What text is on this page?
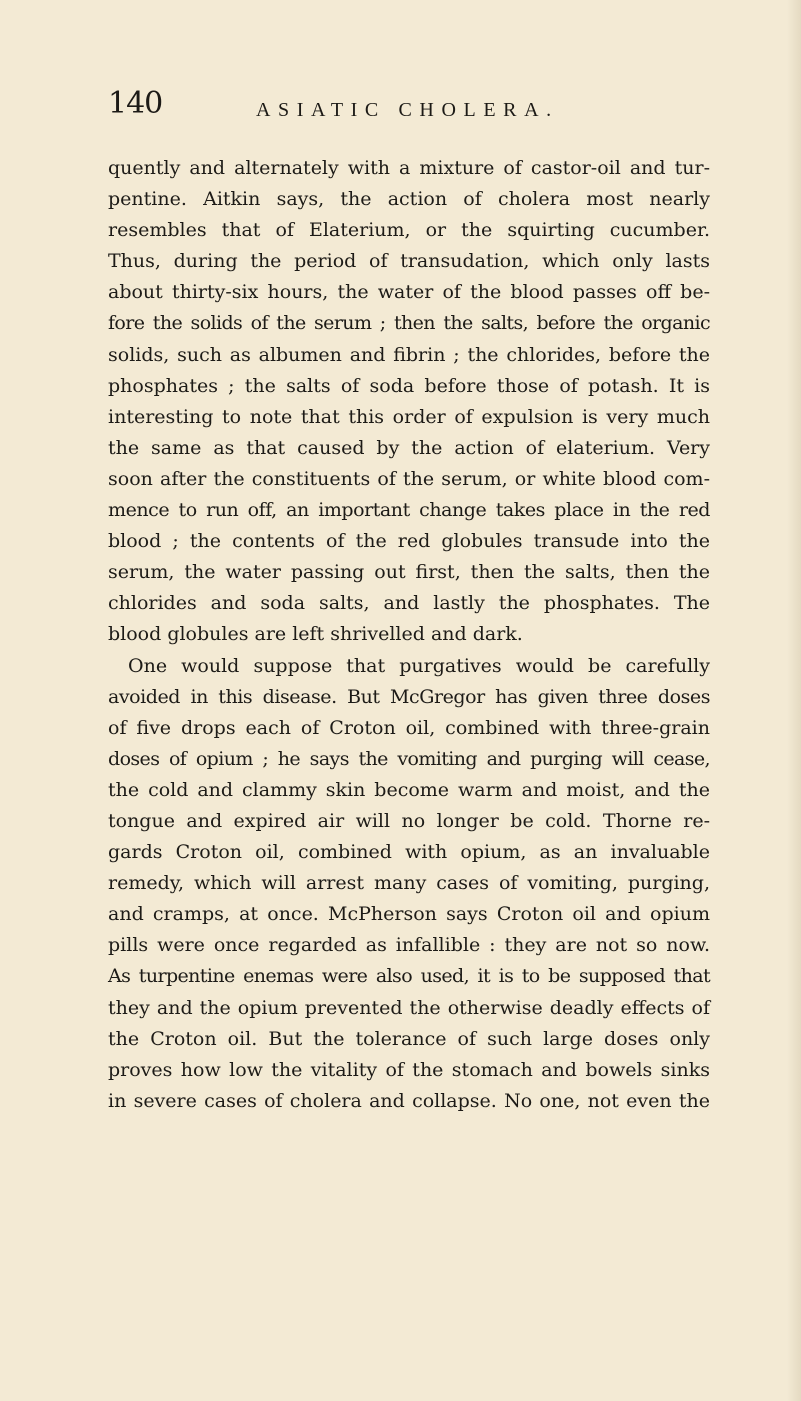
140	ASIATIC CHOLERA.
quently and alternately with a mixture of castor-oil and tur-
pentine. Aitkin says, the action of cholera most nearly
resembles that of Elaterium, or the squirting cucumber.
Thus, during the period of transudation, which only lasts
about thirty-six hours, the water of the blood passes off be-
fore the solids of the serum ; then the salts, before the organic
solids, such as albumen and fibrin ; the chlorides, before the
phosphates ; the salts of soda before those of potash. It is
interesting to note that this order of expulsion is very much
the same as that caused by the action of elaterium. Very
soon after the constituents of the serum, or white blood com-
mence to run off, an important change takes place in the red
blood ; the contents of the red globules transude into the
serum, the water passing out first, then the salts, then the
chlorides and soda salts, and lastly the phosphates. The
blood globules are left shrivelled and dark.
One would suppose that purgatives would be carefully
avoided in this disease. But McGregor has given three doses
of five drops each of Croton oil, combined with three-grain
doses of opium ; he says the vomiting and purging will cease,
the cold and clammy skin become warm and moist, and the
tongue and expired air will no longer be cold. Thorne re-
gards Croton oil, combined with opium, as an invaluable
remedy, which will arrest many cases of vomiting, purging,
and cramps, at once. McPherson says Croton oil and opium
pills were once regarded as infallible : they are not so now.
As turpentine enemas were also used, it is to be supposed that
they and the opium prevented the otherwise deadly effects of
the Croton oil. But the tolerance of such large doses only
proves how low the vitality of the stomach and bowels sinks
in severe cases of cholera and collapse. No one, not even the
